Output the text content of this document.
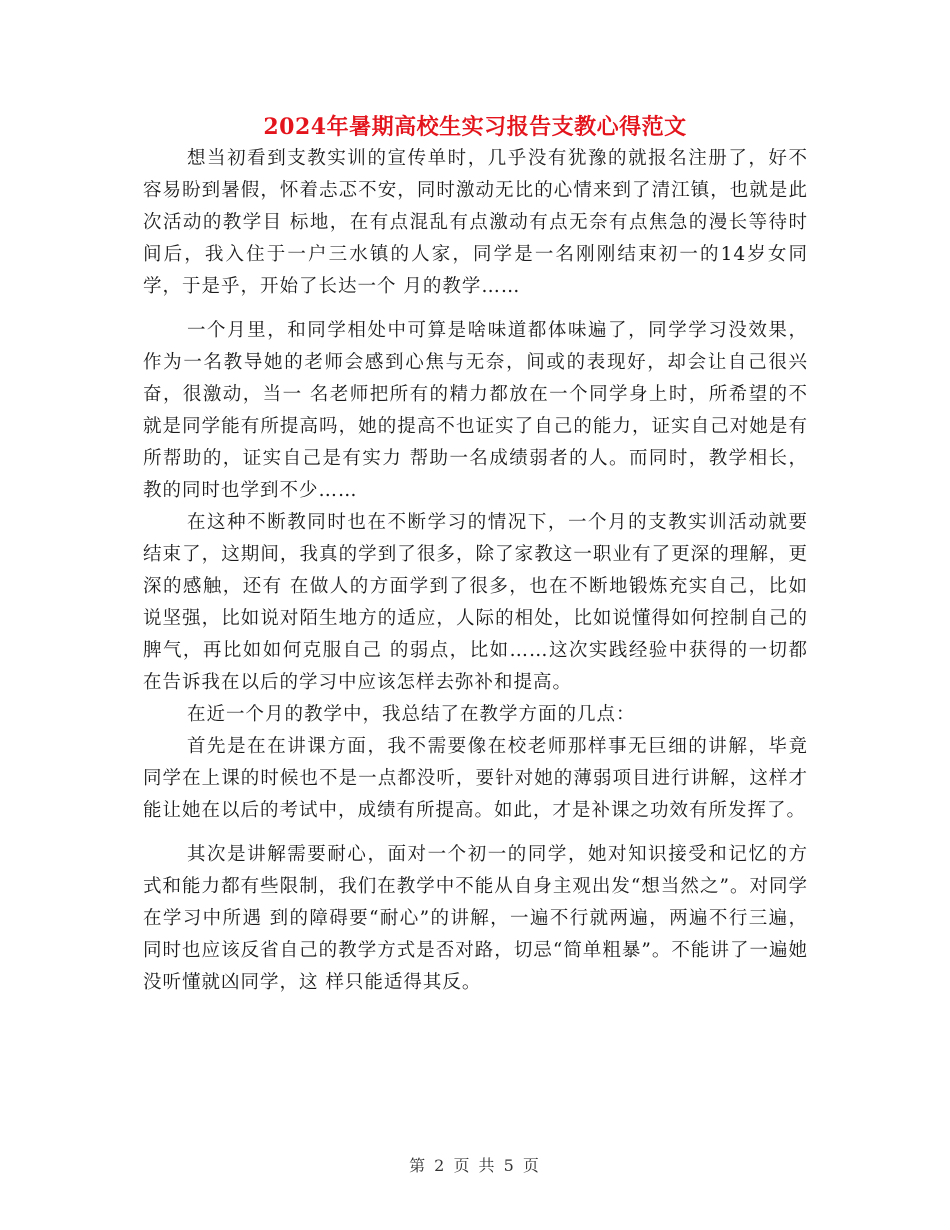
2024年暑期高校生实习报告支教心得范文

想当初看到支教实训的宣传单时，几乎没有犹豫的就报名注册了，好不容易盼到暑假，怀着忐忑不安，同时激动无比的心情来到了清江镇，也就是此次活动的教学目 标地，在有点混乱有点激动有点无奈有点焦急的漫长等待时间后，我入住于一户三水镇的人家，同学是一名刚刚结束初一的14岁女同学，于是乎，开始了长达一个 月的教学……

一个月里，和同学相处中可算是啥味道都体味遍了，同学学习没效果，作为一名教导她的老师会感到心焦与无奈，间或的表现好，却会让自己很兴奋，很激动，当一 名老师把所有的精力都放在一个同学身上时，所希望的不就是同学能有所提高吗，她的提高不也证实了自己的能力，证实自己对她是有所帮助的，证实自己是有实力 帮助一名成绩弱者的人。而同时，教学相长，教的同时也学到不少……

在这种不断教同时也在不断学习的情况下，一个月的支教实训活动就要结束了，这期间，我真的学到了很多，除了家教这一职业有了更深的理解，更深的感触，还有 在做人的方面学到了很多，也在不断地锻炼充实自己，比如说坚强，比如说对陌生地方的适应，人际的相处，比如说懂得如何控制自己的脾气，再比如如何克服自己 的弱点，比如……这次实践经验中获得的一切都在告诉我在以后的学习中应该怎样去弥补和提高。

在近一个月的教学中，我总结了在教学方面的几点：

首先是在在讲课方面，我不需要像在校老师那样事无巨细的讲解，毕竟同学在上课的时候也不是一点都没听，要针对她的薄弱项目进行讲解，这样才能让她在以后的考试中，成绩有所提高。如此，才是补课之功效有所发挥了。

其次是讲解需要耐心，面对一个初一的同学，她对知识接受和记忆的方式和能力都有些限制，我们在教学中不能从自身主观出发“想当然之”。对同学在学习中所遇 到的障碍要“耐心”的讲解，一遍不行就两遍，两遍不行三遍，同时也应该反省自己的教学方式是否对路，切忌“简单粗暴”。不能讲了一遍她没听懂就凶同学，这 样只能适得其反。

第 2 页 共 5 页
